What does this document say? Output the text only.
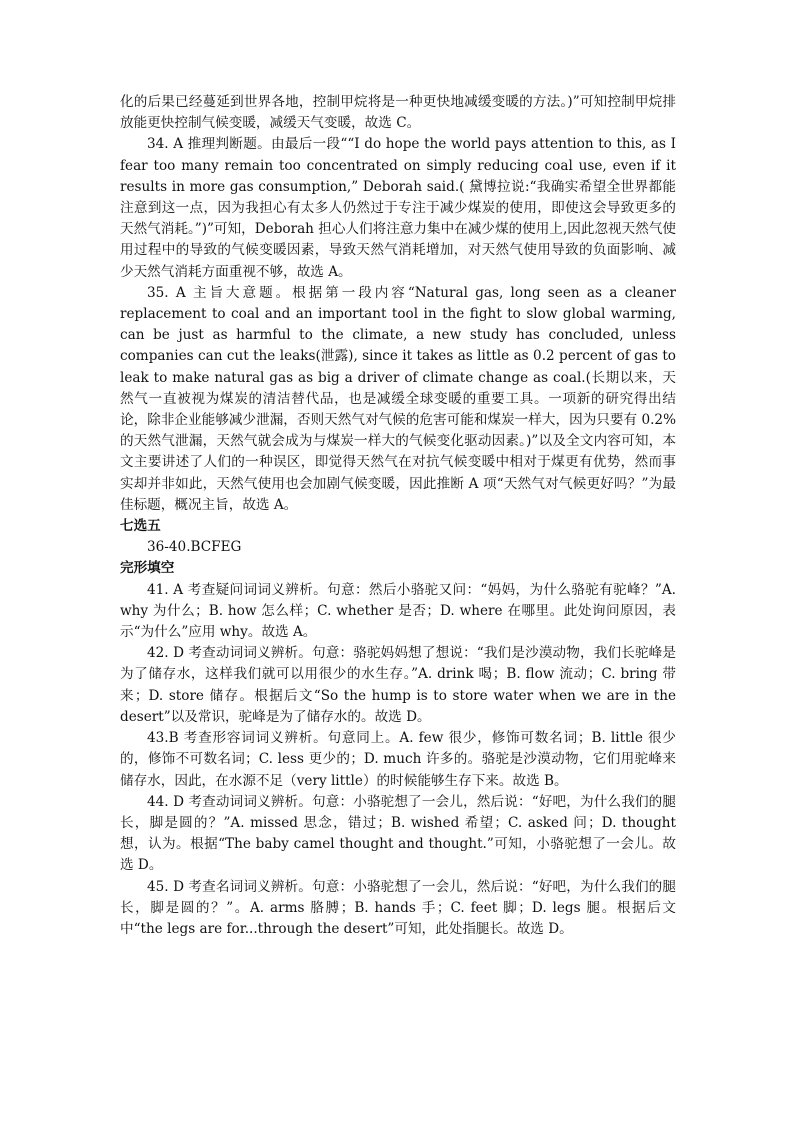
化的后果已经蔓延到世界各地，控制甲烷将是一种更快地减缓变暖的方法。)”可知控制甲烷排放能更快控制气候变暖，减缓天气变暖，故选 C。

34. A 推理判断题。由最后一段““I do hope the world pays attention to this, as I fear too many remain too concentrated on simply reducing coal use, even if it results in more gas consumption,” Deborah said.( 黛博拉说:“我确实希望全世界都能注意到这一点，因为我担心有太多人仍然过于专注于减少煤炭的使用，即使这会导致更多的天然气消耗。”)”可知，Deborah 担心人们将注意力集中在减少煤的使用上,因此忽视天然气使用过程中的导致的气候变暖因素，导致天然气消耗增加，对天然气使用导致的负面影响、减少天然气消耗方面重视不够，故选 A。

35. A 主旨大意题。根据第一段内容“Natural gas, long seen as a cleaner replacement to coal and an important tool in the fight to slow global warming, can be just as harmful to the climate, a new study has concluded, unless companies can cut the leaks(泄露), since it takes as little as 0.2 percent of gas to leak to make natural gas as big a driver of climate change as coal.(长期以来，天然气一直被视为煤炭的清洁替代品，也是减缓全球变暖的重要工具。一项新的研究得出结论，除非企业能够减少泄漏，否则天然气对气候的危害可能和煤炭一样大，因为只要有 0.2%的天然气泄漏，天然气就会成为与煤炭一样大的气候变化驱动因素。)”以及全文内容可知，本文主要讲述了人们的一种误区，即觉得天然气在对抗气候变暖中相对于煤更有优势，然而事实却并非如此，天然气使用也会加剧气候变暖，因此推断 A 项“天然气对气候更好吗？”为最佳标题，概况主旨，故选 A。

七选五

36-40.BCFEG

完形填空

41. A 考查疑问词词义辨析。句意：然后小骆驼又问：“妈妈，为什么骆驼有驼峰？”A. why 为什么；B. how 怎么样；C. whether 是否；D. where 在哪里。此处询问原因，表示“为什么”应用 why。故选 A。

42. D 考查动词词义辨析。句意：骆驼妈妈想了想说：“我们是沙漠动物，我们长驼峰是为了储存水，这样我们就可以用很少的水生存。”A. drink 喝；B. flow 流动；C. bring 带来；D. store 储存。根据后文“So the hump is to store water when we are in the desert”以及常识，驼峰是为了储存水的。故选 D。

43.B 考查形容词词义辨析。句意同上。A. few 很少，修饰可数名词；B. little 很少的，修饰不可数名词；C. less 更少的；D. much 许多的。骆驼是沙漠动物，它们用驼峰来储存水，因此，在水源不足（very little）的时候能够生存下来。故选 B。

44. D 考查动词词义辨析。句意：小骆驼想了一会儿，然后说：“好吧，为什么我们的腿长，脚是圆的？”A. missed 思念，错过；B. wished 希望；C. asked 问；D. thought 想，认为。根据“The baby camel thought and thought.”可知，小骆驼想了一会儿。故选 D。

45. D 考查名词词义辨析。句意：小骆驼想了一会儿，然后说：“好吧，为什么我们的腿长，脚是圆的？”。A. arms 胳膊；B. hands 手；C. feet 脚；D. legs 腿。根据后文中“the legs are for...through the desert”可知，此处指腿长。故选 D。
